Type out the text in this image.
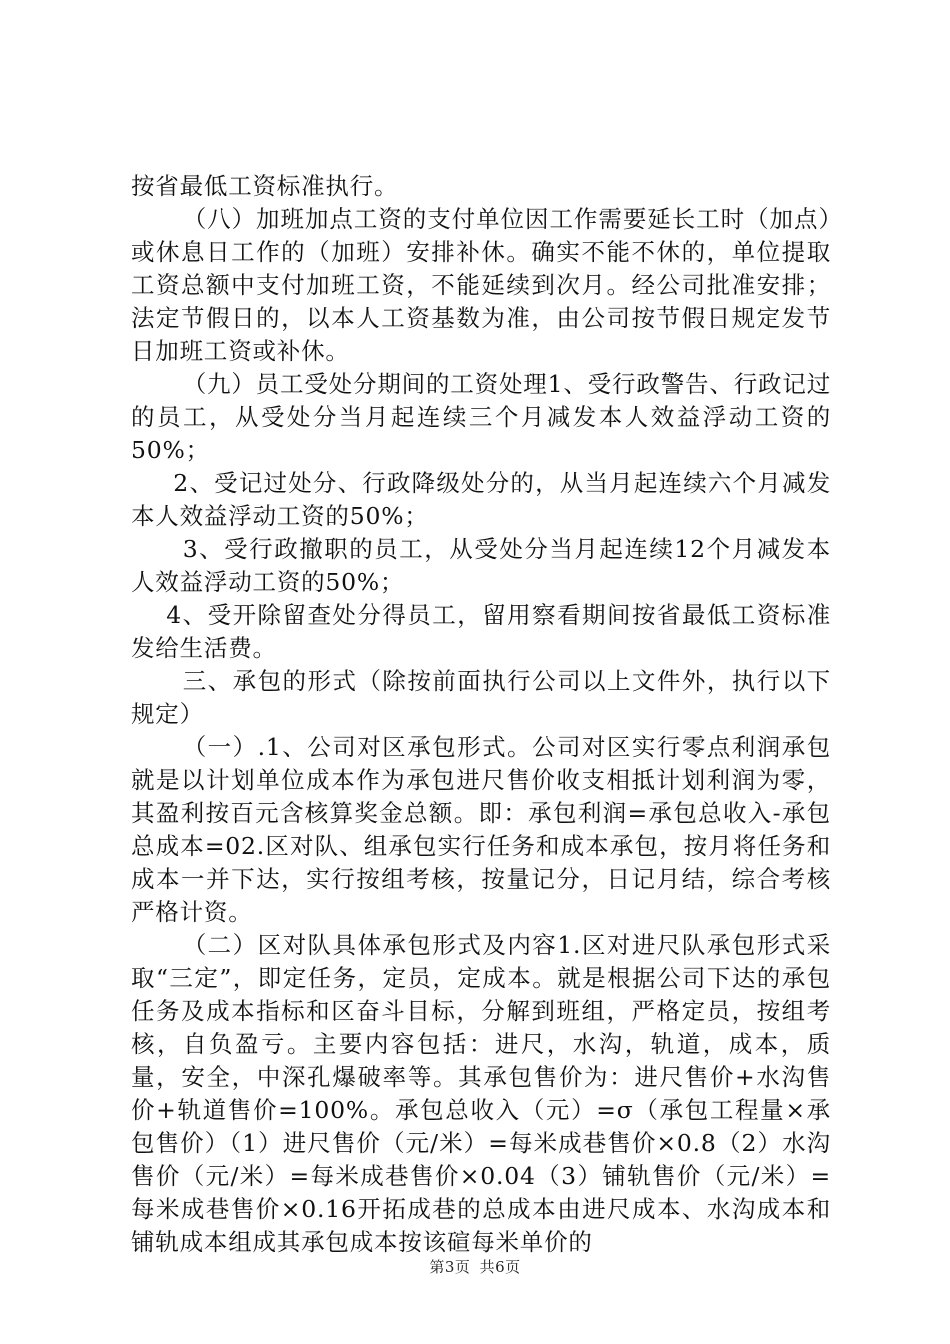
按省最低工资标准执行。

（八）加班加点工资的支付单位因工作需要延长工时（加点）或休息日工作的（加班）安排补休。确实不能不休的，单位提取工资总额中支付加班工资，不能延续到次月。经公司批准安排；法定节假日的，以本人工资基数为准，由公司按节假日规定发节日加班工资或补休。

（九）员工受处分期间的工资处理1、受行政警告、行政记过的员工，从受处分当月起连续三个月减发本人效益浮动工资的50%；

2、受记过处分、行政降级处分的，从当月起连续六个月减发本人效益浮动工资的50%；

3、受行政撤职的员工，从受处分当月起连续12个月减发本人效益浮动工资的50%；

4、受开除留查处分得员工，留用察看期间按省最低工资标准发给生活费。

三、承包的形式（除按前面执行公司以上文件外，执行以下规定）

（一）.1、公司对区承包形式。公司对区实行零点利润承包就是以计划单位成本作为承包进尺售价收支相抵计划利润为零，其盈利按百元含核算奖金总额。即：承包利润=承包总收入-承包总成本=02.区对队、组承包实行任务和成本承包，按月将任务和成本一并下达，实行按组考核，按量记分，日记月结，综合考核严格计资。

（二）区对队具体承包形式及内容1.区对进尺队承包形式采取“三定”，即定任务，定员，定成本。就是根据公司下达的承包任务及成本指标和区奋斗目标，分解到班组，严格定员，按组考核，自负盈亏。主要内容包括：进尺，水沟，轨道，成本，质量，安全，中深孔爆破率等。其承包售价为：进尺售价+水沟售价+轨道售价=100%。承包总收入（元）=σ（承包工程量×承包售价）（1）进尺售价（元/米）=每米成巷售价×0.8（2）水沟售价（元/米）=每米成巷售价×0.04（3）铺轨售价（元/米）=每米成巷售价×0.16开拓成巷的总成本由进尺成本、水沟成本和铺轨成本组成其承包成本按该碹每米单价的

第3页 共6页
